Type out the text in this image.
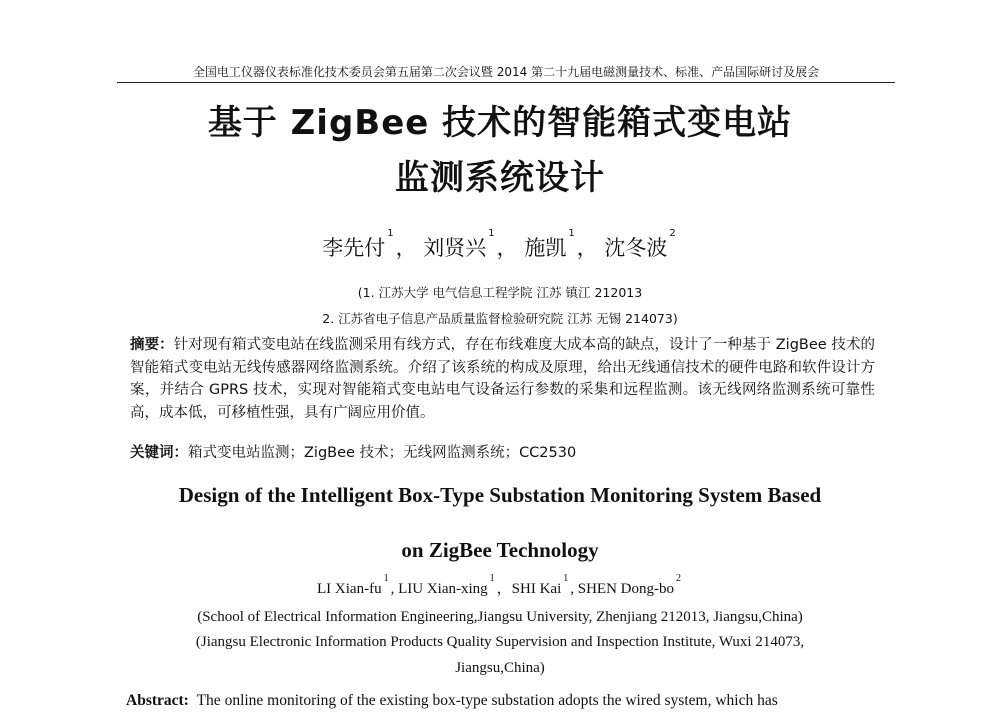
全国电工仪器仪表标准化技术委员会第五届第二次会议暨 2014 第二十九届电磁测量技术、标准、产品国际研讨及展会
基于 ZigBee 技术的智能箱式变电站
监测系统设计
李先付$^1$， 刘贤兴$^1$， 施凯$^1$， 沈冬波$^2$
(1. 江苏大学 电气信息工程学院 江苏 镇江 212013
2. 江苏省电子信息产品质量监督检验研究院 江苏 无锡 214073)
摘要：针对现有箱式变电站在线监测采用有线方式，存在布线难度大成本高的缺点，设计了一种基于 ZigBee 技术的智能箱式变电站无线传感器网络监测系统。介绍了该系统的构成及原理，给出无线通信技术的硬件电路和软件设计方案，并结合 GPRS 技术，实现对智能箱式变电站电气设备运行参数的采集和远程监测。该无线网络监测系统可靠性高，成本低，可移植性强，具有广阔应用价值。
关键词：箱式变电站监测；ZigBee 技术；无线网监测系统；CC2530
Design of the Intelligent Box-Type Substation Monitoring System Based
on ZigBee Technology
LI Xian-$fu^1$, LIU Xian-xing$^1$，SHI Kai$^1$, SHEN Dong-$bo^2$
(School of Electrical Information Engineering,Jiangsu University, Zhenjiang 212013, Jiangsu,China)
(Jiangsu Electronic Information Products Quality Supervision and Inspection Institute, Wuxi 214073,
Jiangsu,China)
Abstract: The online monitoring of the existing box-type substation adopts the wired system, which has
